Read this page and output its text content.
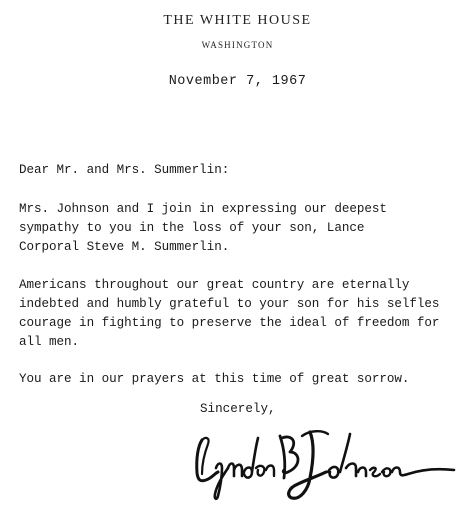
THE WHITE HOUSE
WASHINGTON
November 7, 1967
Dear Mr. and Mrs. Summerlin:
Mrs. Johnson and I join in expressing our deepest
sympathy to you in the loss of your son, Lance
Corporal Steve M. Summerlin.
Americans throughout our great country are eternally
indebted and humbly grateful to your son for his selfles
courage in fighting to preserve the ideal of freedom for
all men.
You are in our prayers at this time of great sorrow.
Sincerely,
